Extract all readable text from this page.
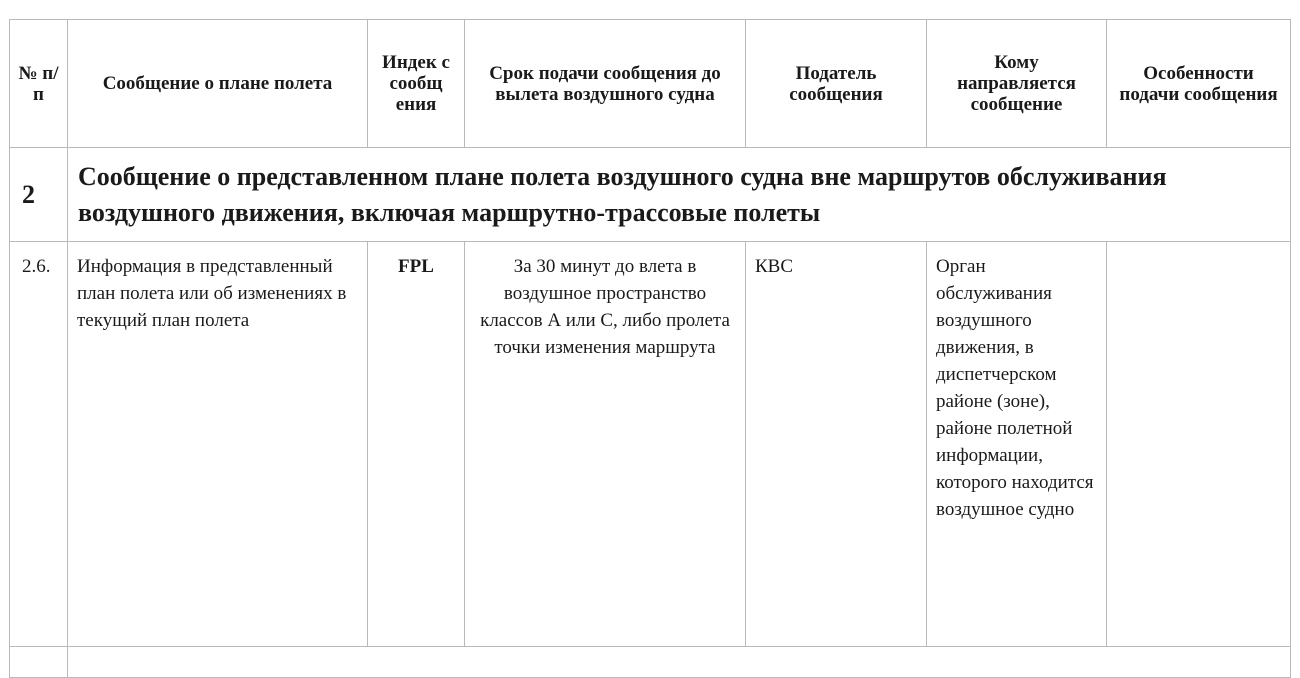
№ п/ п	Сообщение о плане полета	Индек с сообщ ения	Срок подачи сообщения до вылета воздушного судна	Податель сообщения	Кому направляется сообщение	Особенности подачи сообщения
2	Сообщение о представленном плане полета воздушного судна вне маршрутов обслуживания воздушного движения, включая маршрутно-трассовые полеты					
2.6.	Информация в представленный план полета или об изменениях в текущий план полета	FPL	За 30 минут до влета в воздушное пространство классов А или С, либо пролета точки изменения маршрута	КВС	Орган обслуживания воздушного движения, в диспетчерском районе (зоне), районе полетной информации, которого находится воздушное судно	
